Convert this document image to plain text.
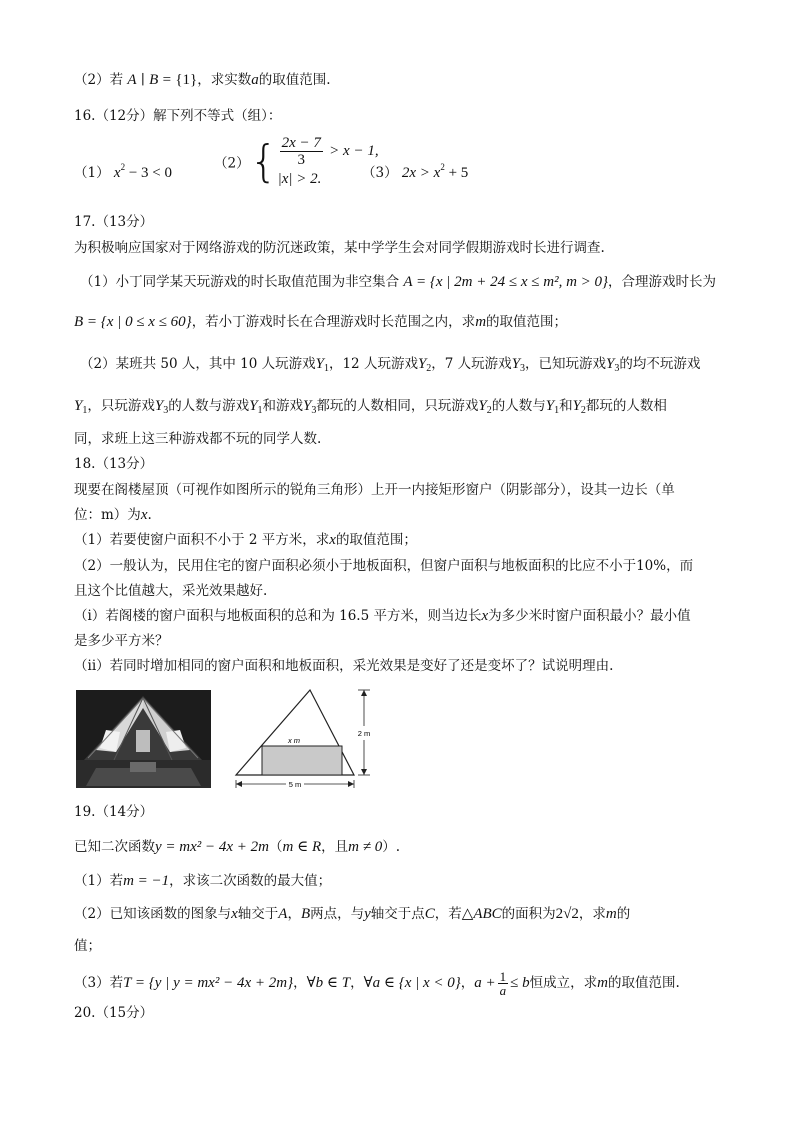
（2）若 A ∣ B = {1}，求实数a的取值范围.
16.（12分）解下列不等式（组）：
（1） $x^2 - 3 < 0$
$(2)\{ \frac{2x - 7}{3} > x - 1$,
|x| > 2.	（3） $2x > x^2 + 5$
17.（13分）
为积极响应国家对于网络游戏的防沉迷政策，某中学学生会对同学假期游戏时长进行调查.
（1）小丁同学某天玩游戏的时长取值范围为非空集合 A = {x | 2m + 24 ≤ x ≤ m², m > 0}，合理游戏时长为
B = {x | 0 ≤ x ≤ 60}，若小丁游戏时长在合理游戏时长范围之内，求m的取值范围；
（2）某班共 50 人，其中 10 人玩游戏$Y_1$，12 人玩游戏$Y_2$，7 人玩游戏$Y_3$，已知玩游戏$Y_3$的均不玩游戏
$Y_1$，只玩游戏$Y_3$的人数与游戏$Y_1$和游戏$Y_3$都玩的人数相同，只玩游戏$Y_2$的人数与$Y_1$和$Y_2$都玩的人数相
同，求班上这三种游戏都不玩的同学人数.
18.（13分）
现要在阁楼屋顶（可视作如图所示的锐角三角形）上开一内接矩形窗户（阴影部分），设其一边长（单
位：m）为x.
（1）若要使窗户面积不小于 2 平方米，求x的取值范围；
（2）一般认为，民用住宅的窗户面积必须小于地板面积，但窗户面积与地板面积的比应不小于10%，而
且这个比值越大，采光效果越好.
（i）若阁楼的窗户面积与地板面积的总和为 16.5 平方米，则当边长x为多少米时窗户面积最小？最小值
是多少平方米？
（ii）若同时增加相同的窗户面积和地板面积，采光效果是变好了还是变坏了？试说明理由.
x m
2 m
5 m
19.（14分）
已知二次函数y = mx² − 4x + 2m（m ∈ R，且m ≠ 0）.
（1）若m = −1，求该二次函数的最大值；
（2）已知该函数的图象与x轴交于A，B两点，与y轴交于点C，若△ABC的面积为2√2，求m的
值；
（3）若T = {y | y = mx² − 4x + 2m}，∀b ∈ T，∀a ∈ {x | x < 0}，$a + \frac{1}{a} \le b$恒成立，求m的取值范围.
20.（15分）
